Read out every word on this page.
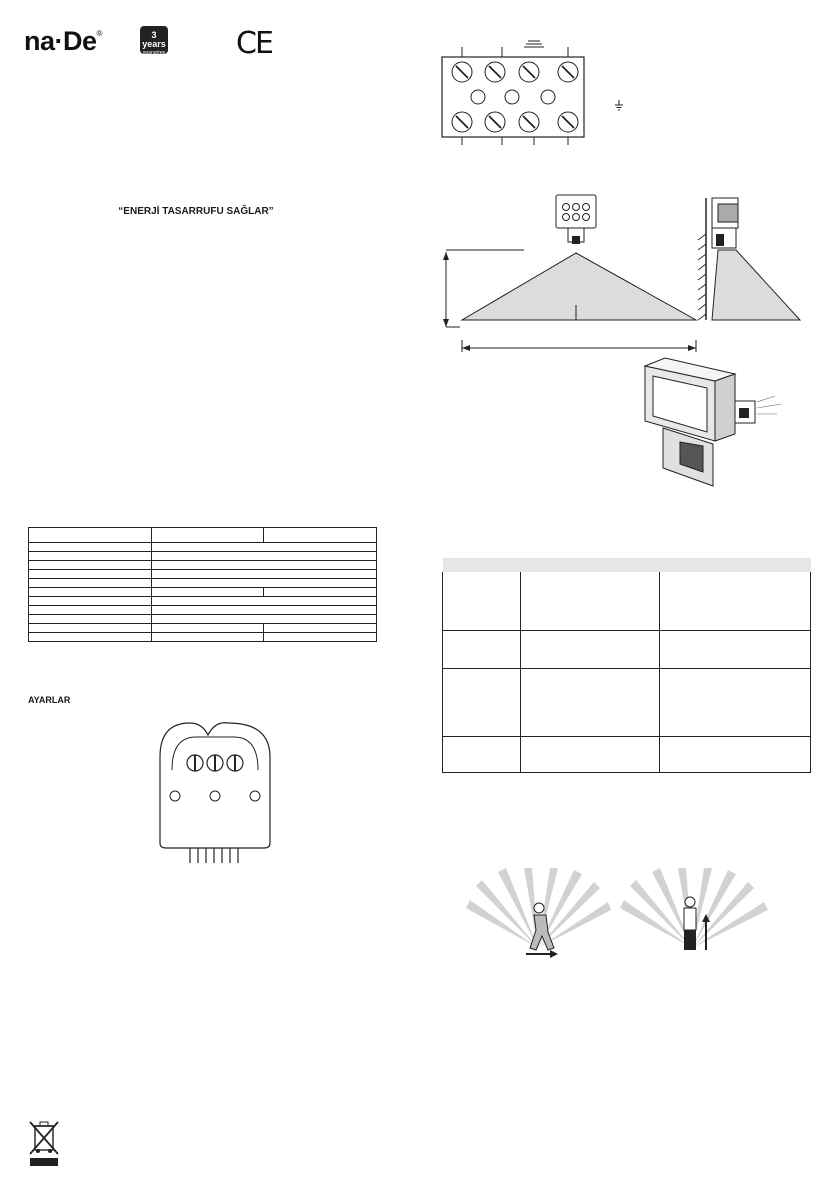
na·De®	3 years
guarantee CE
“ENERJİ TASARRUFU SAĞLAR”

AYARLAR
